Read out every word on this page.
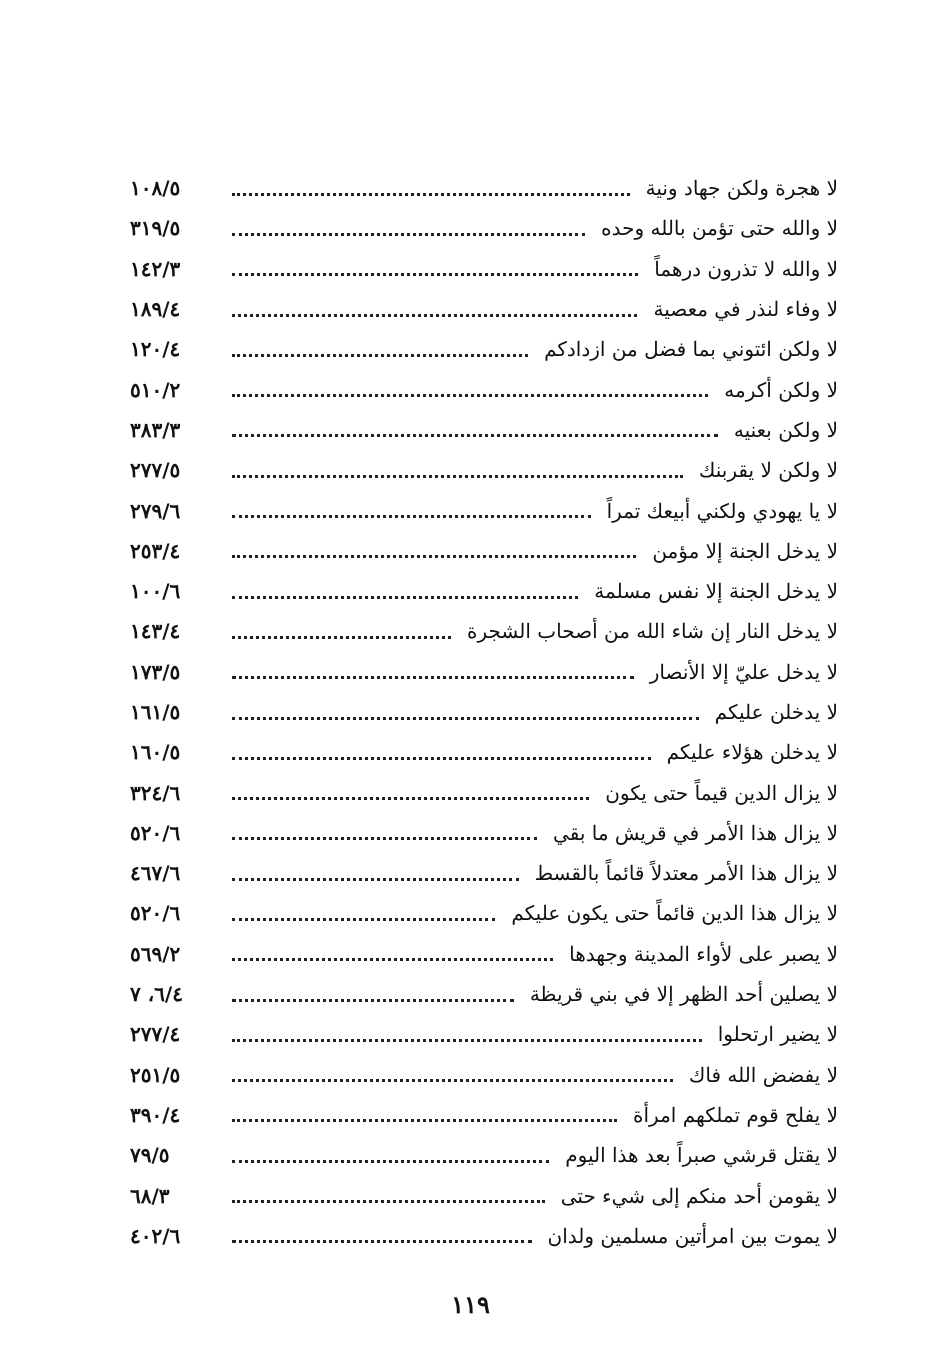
لا هجرة ولكن جهاد ونية
١٠٨/٥
لا والله حتى تؤمن بالله وحده
٣١٩/٥
لا والله لا تذرون درهماً
١٤٢/٣
لا وفاء لنذر في معصية
١٨٩/٤
لا ولكن ائتوني بما فضل من ازدادكم
١٢٠/٤
لا ولكن أكرمه
٥١٠/٢
لا ولكن بعنيه
٣٨٣/٣
لا ولكن لا يقربنك
٢٧٧/٥
لا يا يهودي ولكني أبيعك تمراً
٢٧٩/٦
لا يدخل الجنة إلا مؤمن
٢٥٣/٤
لا يدخل الجنة إلا نفس مسلمة
١٠٠/٦
لا يدخل النار إن شاء الله من أصحاب الشجرة
١٤٣/٤
لا يدخل عليّ إلا الأنصار
١٧٣/٥
لا يدخلن عليكم
١٦١/٥
لا يدخلن هؤلاء عليكم
١٦٠/٥
لا يزال الدين قيماً حتى يكون
٣٢٤/٦
لا يزال هذا الأمر في قريش ما بقي
٥٢٠/٦
لا يزال هذا الأمر معتدلاً قائماً بالقسط
٤٦٧/٦
لا يزال هذا الدين قائماً حتى يكون عليكم
٥٢٠/٦
لا يصبر على لأواء المدينة وجهدها
٥٦٩/٢
لا يصلين أحد الظهر إلا في بني قريظة
٦/٤، ٧
لا يضير ارتحلوا
٢٧٧/٤
لا يفضض الله فاك
٢٥١/٥
لا يفلح قوم تملكهم امرأة
٣٩٠/٤
لا يقتل قرشي صبراً بعد هذا اليوم
٧٩/٥
لا يقومن أحد منكم إلى شيء حتى
٦٨/٣
لا يموت بين امرأتين مسلمين ولدان
٤٠٢/٦
١١٩
